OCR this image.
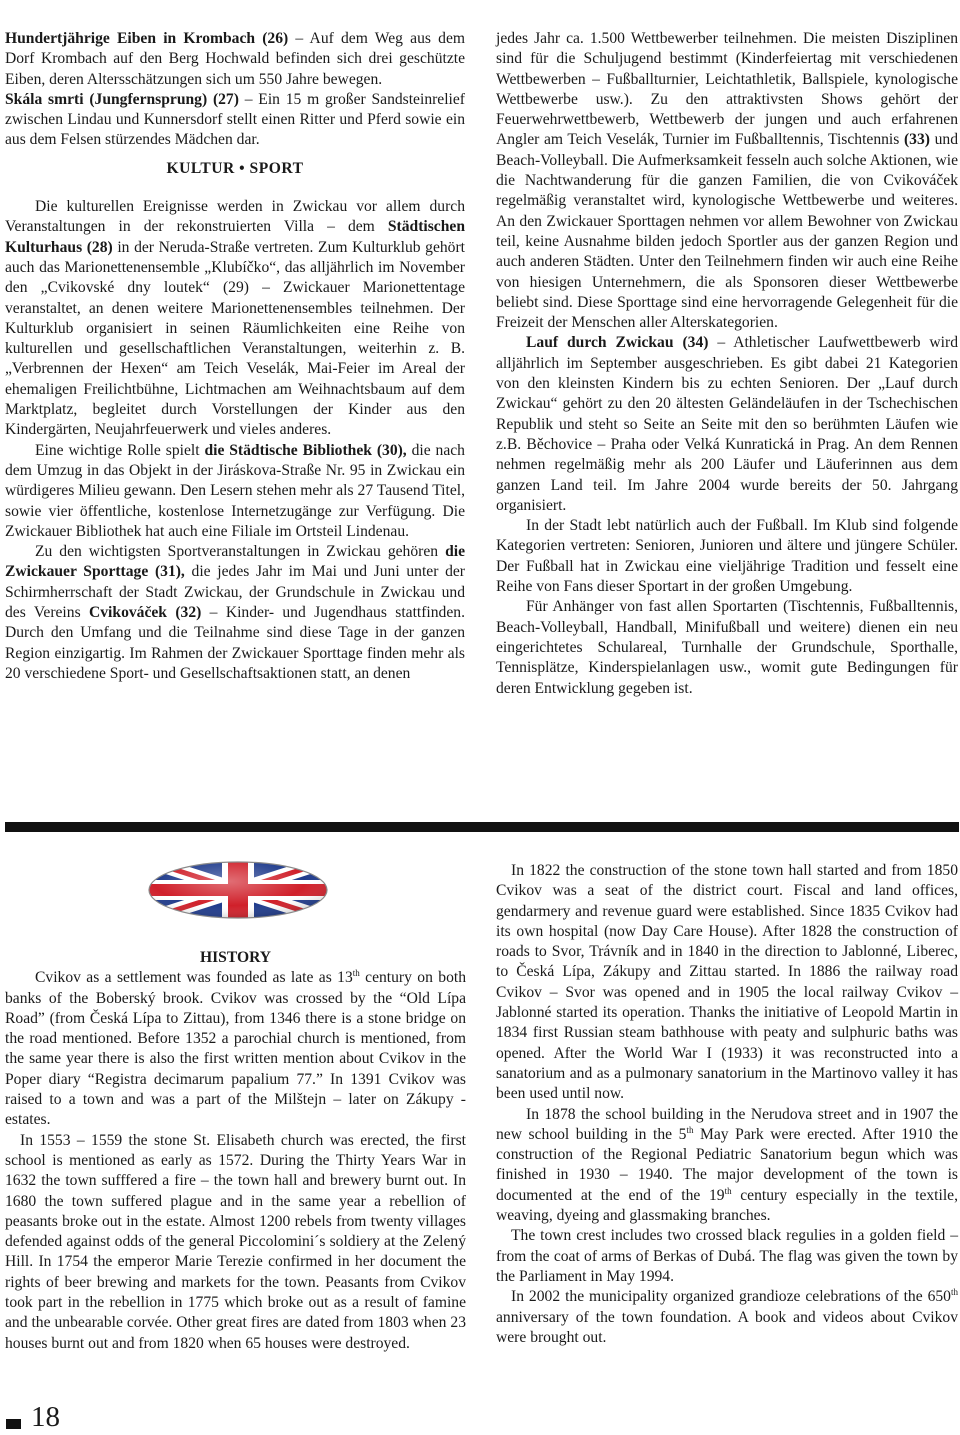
Hundertjährige Eiben in Krombach (26) – Auf dem Weg aus dem Dorf Krombach auf den Berg Hochwald befinden sich drei geschützte Eiben, deren Altersschätzungen sich um 550 Jahre bewegen.

Skála smrti (Jungfernsprung) (27) – Ein 15 m großer Sandsteinrelief zwischen Lindau und Kunnersdorf stellt einen Ritter und Pferd sowie ein aus dem Felsen stürzendes Mädchen dar.

KULTUR • SPORT

Die kulturellen Ereignisse werden in Zwickau vor allem durch Veranstaltungen in der rekonstruierten Villa – dem Städtischen Kulturhaus (28) in der Neruda-Straße vertreten. Zum Kulturklub gehört auch das Marionettenensemble „Klubíčko“, das alljährlich im November den „Cvikovské dny loutek“ (29) – Zwickauer Marionettentage veranstaltet, an denen weitere Marionettenensembles teilnehmen. Der Kulturklub organisiert in seinen Räumlichkeiten eine Reihe von kulturellen und gesellschaftlichen Veranstaltungen, weiterhin z. B. „Verbrennen der Hexen“ am Teich Veselák, Mai-Feier im Areal der ehemaligen Freilichtbühne, Lichtmachen am Weihnachtsbaum auf dem Marktplatz, begleitet durch Vorstellungen der Kinder aus den Kindergärten, Neujahrfeuerwerk und vieles anderes.

Eine wichtige Rolle spielt die Städtische Bibliothek (30), die nach dem Umzug in das Objekt in der Jiráskova-Straße Nr. 95 in Zwickau ein würdigeres Milieu gewann. Den Lesern stehen mehr als 27 Tausend Titel, sowie vier öffentliche, kostenlose Internetzugänge zur Verfügung. Die Zwickauer Bibliothek hat auch eine Filiale im Ortsteil Lindenau.

Zu den wichtigsten Sportveranstaltungen in Zwickau gehören die Zwickauer Sporttage (31), die jedes Jahr im Mai und Juni unter der Schirmherrschaft der Stadt Zwickau, der Grundschule in Zwickau und des Vereins Cvikováček (32) – Kinder- und Jugendhaus stattfinden. Durch den Umfang und die Teilnahme sind diese Tage in der ganzen Region einzigartig. Im Rahmen der Zwickauer Sporttage finden mehr als 20 verschiedene Sport- und Gesellschaftsaktionen statt, an denen

jedes Jahr ca. 1.500 Wettbewerber teilnehmen. Die meisten Disziplinen sind für die Schuljugend bestimmt (Kinderfeiertag mit verschiedenen Wettbewerben – Fußballturnier, Leichtathletik, Ballspiele, kynologische Wettbewerbe usw.). Zu den attraktivsten Shows gehört der Feuerwehrwettbewerb, Wettbewerb der jungen und auch erfahrenen Angler am Teich Veselák, Turnier im Fußballtennis, Tischtennis (33) und Beach-Volleyball. Die Aufmerksamkeit fesseln auch solche Aktionen, wie die Nachtwanderung für die ganzen Familien, die von Cvikováček regelmäßig veranstaltet wird, kynologische Wettbewerbe und weiteres. An den Zwickauer Sporttagen nehmen vor allem Bewohner von Zwickau teil, keine Ausnahme bilden jedoch Sportler aus der ganzen Region und auch anderen Städten. Unter den Teilnehmern finden wir auch eine Reihe von hiesigen Unternehmern, die als Sponsoren dieser Wettbewerbe beliebt sind. Diese Sporttage sind eine hervorragende Gelegenheit für die Freizeit der Menschen aller Alterskategorien.

Lauf durch Zwickau (34) – Athletischer Laufwettbewerb wird alljährlich im September ausgeschrieben. Es gibt dabei 21 Kategorien von den kleinsten Kindern bis zu echten Senioren. Der „Lauf durch Zwickau“ gehört zu den 20 ältesten Geländeläufen in der Tschechischen Republik und steht so Seite an Seite mit den so berühmten Läufen wie z.B. Běchovice – Praha oder Velká Kunratická in Prag. An dem Rennen nehmen regelmäßig mehr als 200 Läufer und Läuferinnen aus dem ganzen Land teil. Im Jahre 2004 wurde bereits der 50. Jahrgang organisiert.

In der Stadt lebt natürlich auch der Fußball. Im Klub sind folgende Kategorien vertreten: Senioren, Junioren und ältere und jüngere Schüler. Der Fußball hat in Zwickau eine vieljährige Tradition und fesselt eine Reihe von Fans dieser Sportart in der großen Umgebung.

Für Anhänger von fast allen Sportarten (Tischtennis, Fußballtennis, Beach-Volleyball, Handball, Minifußball und weitere) dienen ein neu eingerichtetes Schulareal, Turnhalle der Grundschule, Sporthalle, Tennisplätze, Kinderspielanlagen usw., womit gute Bedingungen für deren Entwicklung gegeben ist.

HISTORY

Cvikov as a settlement was founded as late as 13th century on both banks of the Boberský brook. Cvikov was crossed by the “Old Lípa Road” (from Česká Lípa to Zittau), from 1346 there is a stone bridge on the road mentioned. Before 1352 a parochial church is mentioned, from the same year there is also the first written mention about Cvikov in the Poper diary “Registra decimarum papalium 77.” In 1391 Cvikov was raised to a town and was a part of the Milštejn – later on Zákupy - estates.

In 1553 – 1559 the stone St. Elisabeth church was erected, the first school is mentioned as early as 1572. During the Thirty Years War in 1632 the town sufffered a fire – the town hall and brewery burnt out. In 1680 the town suffered plague and in the same year a rebellion of peasants broke out in the estate. Almost 1200 rebels from twenty villages defended against odds of the general Piccolomini´s soldiery at the Zelený Hill. In 1754 the emperor Marie Terezie confirmed in her document the rights of beer brewing and markets for the town. Peasants from Cvikov took part in the rebellion in 1775 which broke out as a result of famine and the unbearable corvée. Other great fires are dated from 1803 when 23 houses burnt out and from 1820 when 65 houses were destroyed.

In 1822 the construction of the stone town hall started and from 1850 Cvikov was a seat of the district court. Fiscal and land offices, gendarmery and revenue guard were established. Since 1835 Cvikov had its own hospital (now Day Care House). After 1828 the construction of roads to Svor, Trávník and in 1840 in the direction to Jablonné, Liberec, to Česká Lípa, Zákupy and Zittau started. In 1886 the railway road Cvikov – Svor was opened and in 1905 the local railway Cvikov – Jablonné started its operation. Thanks the initiative of Leopold Martin in 1834 first Russian steam bathhouse with peaty and sulphuric baths was opened. After the World War I (1933) it was reconstructed into a sanatorium and as a pulmonary sanatorium in the Martinovo valley it has been used until now.

In 1878 the school building in the Nerudova street and in 1907 the new school building in the 5th May Park were erected. After 1910 the construction of the Regional Pediatric Sanatorium begun which was finished in 1930 – 1940. The major development of the town is documented at the end of the 19th century especially in the textile, weaving, dyeing and glassmaking branches.

The town crest includes two crossed black regulies in a golden field – from the coat of arms of Berkas of Dubá. The flag was given the town by the Parliament in May 1994.

In 2002 the municipality organized grandioze celebrations of the 650th anniversary of the town foundation. A book and videos about Cvikov were brought out.

18
